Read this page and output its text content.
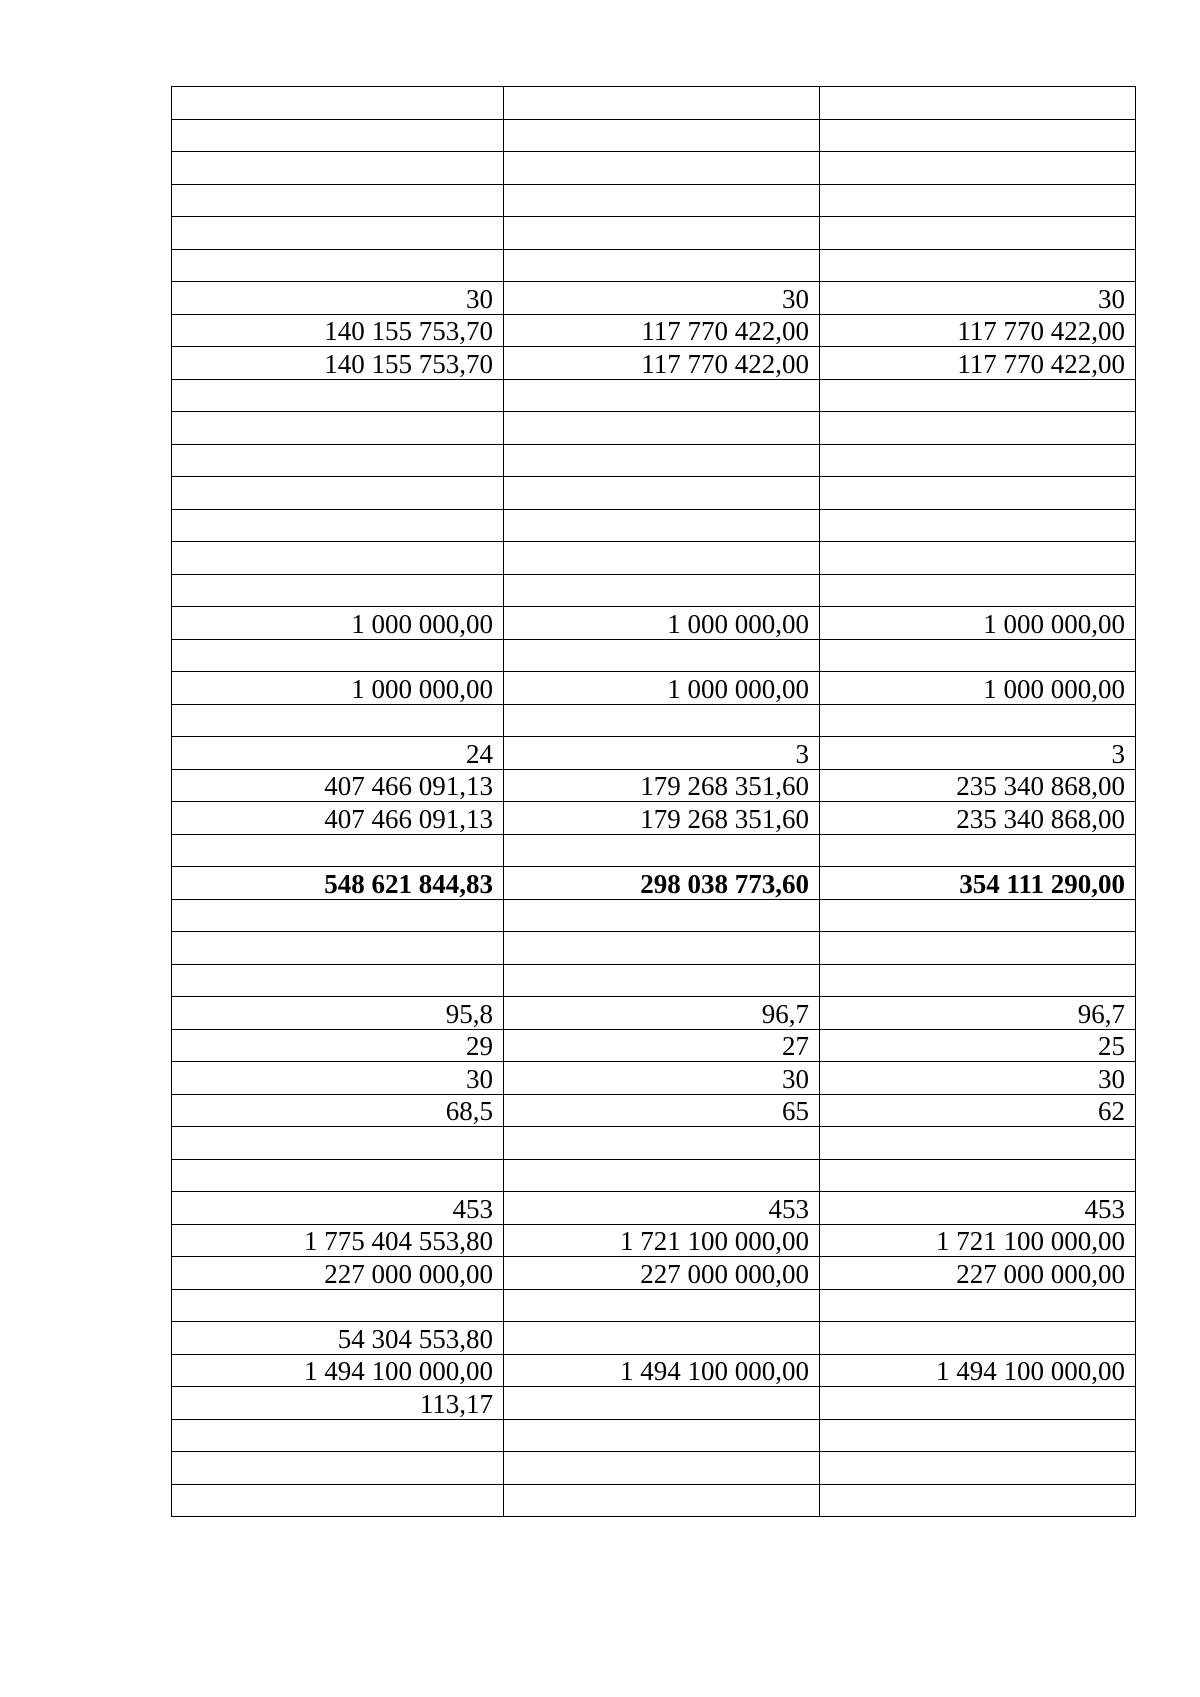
30	30	30
140 155 753,70	117 770 422,00	117 770 422,00
140 155 753,70	117 770 422,00	117 770 422,00

1 000 000,00	1 000 000,00	1 000 000,00

1 000 000,00	1 000 000,00	1 000 000,00

24	3	3
407 466 091,13	179 268 351,60	235 340 868,00
407 466 091,13	179 268 351,60	235 340 868,00

548 621 844,83	298 038 773,60	354 111 290,00

95,8	96,7	96,7
29	27	25
30	30	30
68,5	65	62

453	453	453
1 775 404 553,80	1 721 100 000,00	1 721 100 000,00
227 000 000,00	227 000 000,00	227 000 000,00

54 304 553,80		
1 494 100 000,00	1 494 100 000,00	1 494 100 000,00
113,17		
